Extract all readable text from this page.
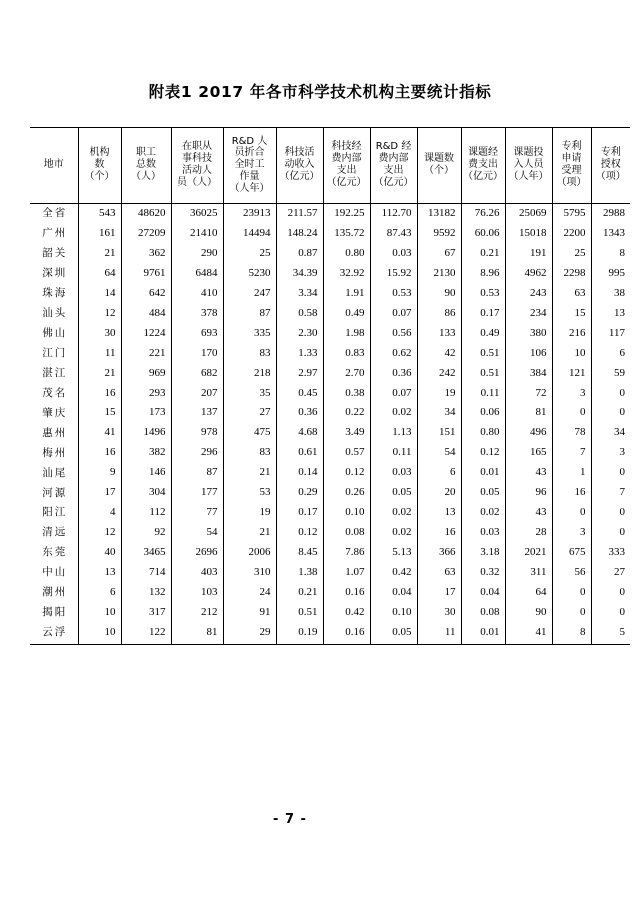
附表1 2017 年各市科学技术机构主要统计指标
地市	机构
数
（个）	职工
总数
（人）	在职从
事科技
活动人
员（人）	R&D 人
员折合
全时工
作量
（人年）	科技活
动收入
（亿元）	科技经
费内部
支出
（亿元）	R&D 经
费内部
支出
（亿元）	课题数
（个）	课题经
费支出
（亿元）	课题投
入人员
（人年）	专利
申请
受理
（项）	专利
授权
（项）

全省	543	48620	36025	23913	211.57	192.25	112.70	13182	76.26	25069	5795	2988
广州	161	27209	21410	14494	148.24	135.72	87.43	9592	60.06	15018	2200	1343
韶关	21	362	290	25	0.87	0.80	0.03	67	0.21	191	25	8
深圳	64	9761	6484	5230	34.39	32.92	15.92	2130	8.96	4962	2298	995
珠海	14	642	410	247	3.34	1.91	0.53	90	0.53	243	63	38
汕头	12	484	378	87	0.58	0.49	0.07	86	0.17	234	15	13
佛山	30	1224	693	335	2.30	1.98	0.56	133	0.49	380	216	117
江门	11	221	170	83	1.33	0.83	0.62	42	0.51	106	10	6
湛江	21	969	682	218	2.97	2.70	0.36	242	0.51	384	121	59
茂名	16	293	207	35	0.45	0.38	0.07	19	0.11	72	3	0
肇庆	15	173	137	27	0.36	0.22	0.02	34	0.06	81	0	0
惠州	41	1496	978	475	4.68	3.49	1.13	151	0.80	496	78	34
梅州	16	382	296	83	0.61	0.57	0.11	54	0.12	165	7	3
汕尾	9	146	87	21	0.14	0.12	0.03	6	0.01	43	1	0
河源	17	304	177	53	0.29	0.26	0.05	20	0.05	96	16	7
阳江	4	112	77	19	0.17	0.10	0.02	13	0.02	43	0	0
清远	12	92	54	21	0.12	0.08	0.02	16	0.03	28	3	0
东莞	40	3465	2696	2006	8.45	7.86	5.13	366	3.18	2021	675	333
中山	13	714	403	310	1.38	1.07	0.42	63	0.32	311	56	27
潮州	6	132	103	24	0.21	0.16	0.04	17	0.04	64	0	0
揭阳	10	317	212	91	0.51	0.42	0.10	30	0.08	90	0	0
云浮	10	122	81	29	0.19	0.16	0.05	11	0.01	41	8	5
- 7 -
